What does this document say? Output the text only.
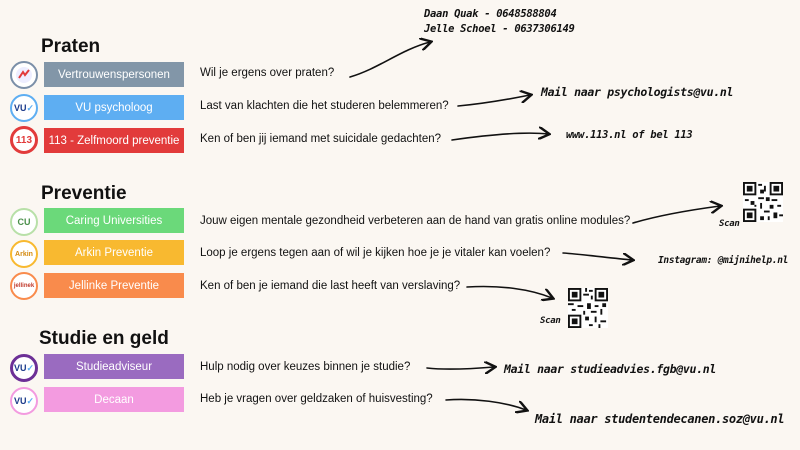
Praten
Preventie
Studie en geld
VU ✓
113
CU
Arkin
jellinek
VU ✓
VU ✓
Vertrouwenspersonen
VU psycholoog
113 - Zelfmoord preventie
Caring Universities
Arkin Preventie
Jellinke Preventie
Studieadviseur
Decaan
Wil je ergens over praten?
Last van klachten die het studeren belemmeren?
Ken of ben jij iemand met suicidale gedachten?
Jouw eigen mentale gezondheid verbeteren aan de hand van gratis online modules?
Loop je ergens tegen aan of wil je kijken hoe je je vitaler kan voelen?
Ken of ben je iemand die last heeft van verslaving?
Hulp nodig over keuzes binnen je studie?
Heb je vragen over geldzaken of huisvesting?
Daan Quak - 0648588804
Jelle Schoel - 0637306149
Mail naar psychologists@vu.nl
www.113.nl of bel 113
Scan
Instagram: @mijnihelp.nl
Scan
Mail naar studieadvies.fgb@vu.nl
Mail naar studentendecanen.soz@vu.nl
